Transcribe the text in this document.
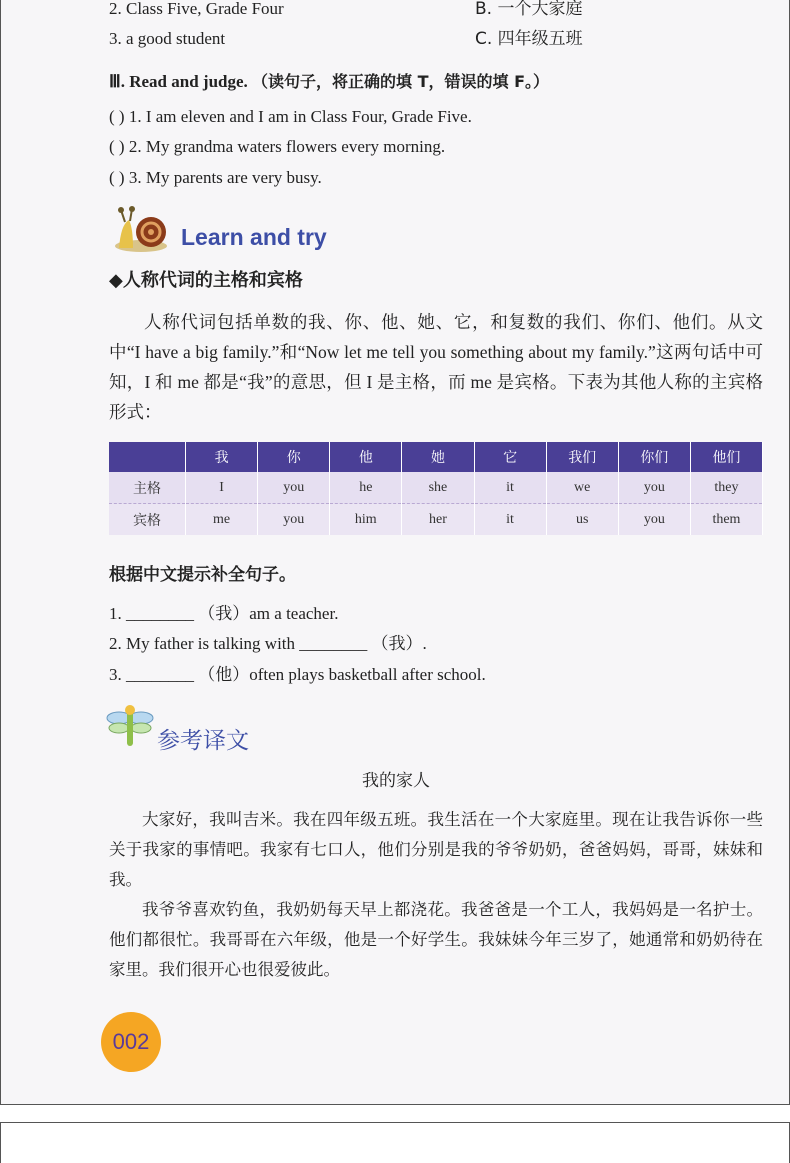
2. Class Five, Grade Four	B. 一个大家庭
3. a good student	C. 四年级五班
Ⅲ. Read and judge. （读句子，将正确的填 T，错误的填 F。）
( ) 1. I am eleven and I am in Class Four, Grade Five.
( ) 2. My grandma waters flowers every morning.
( ) 3. My parents are very busy.
Learn and try
◆人称代词的主格和宾格

人称代词包括单数的我、你、他、她、它，和复数的我们、你们、他们。从文中“I have a big family.”和“Now let me tell you something about my family.”这两句话中可知，I 和 me 都是“我”的意思，但 I 是主格，而 me 是宾格。下表为其他人称的主宾格形式：

	我	你	他	她	它	我们	你们	他们
主格	I	you	he	she	it	we	you	they
宾格	me	you	him	her	it	us	you	them
根据中文提示补全句子。
1. ________ （我）am a teacher.
2. My father is talking with ________ （我）.
3. ________ （他）often plays basketball after school.
参考译文
我的家人

大家好，我叫吉米。我在四年级五班。我生活在一个大家庭里。现在让我告诉你一些关于我家的事情吧。我家有七口人，他们分别是我的爷爷奶奶，爸爸妈妈，哥哥，妹妹和我。

我爷爷喜欢钓鱼，我奶奶每天早上都浇花。我爸爸是一个工人，我妈妈是一名护士。他们都很忙。我哥哥在六年级，他是一个好学生。我妹妹今年三岁了，她通常和奶奶待在家里。我们很开心也很爱彼此。

002
